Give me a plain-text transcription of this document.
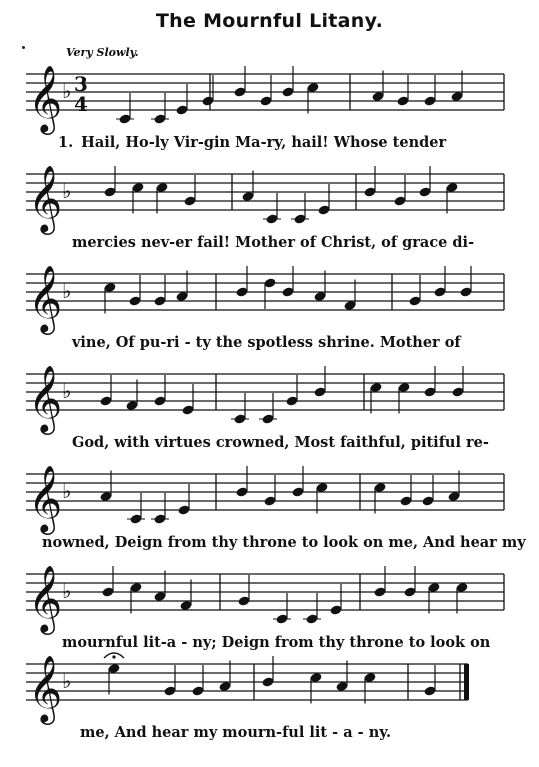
The Mournful Litany.
Very Slowly.
𝄞 ♭ 3
4
1. Hail, Ho-ly Vir-gin Ma-ry, hail! Whose tender
𝄞 ♭
mercies nev-er fail! Mother of Christ, of grace di-
𝄞 ♭
vine, Of pu-ri - ty the spotless shrine. Mother of
𝄞 ♭
God, with virtues crowned, Most faithful, pitiful re-
𝄞 ♭
nowned, Deign from thy throne to look on me, And hear my
𝄞 ♭
mournful lit-a - ny; Deign from thy throne to look on
𝄞 ♭
me, And hear my mourn-ful lit - a - ny.
